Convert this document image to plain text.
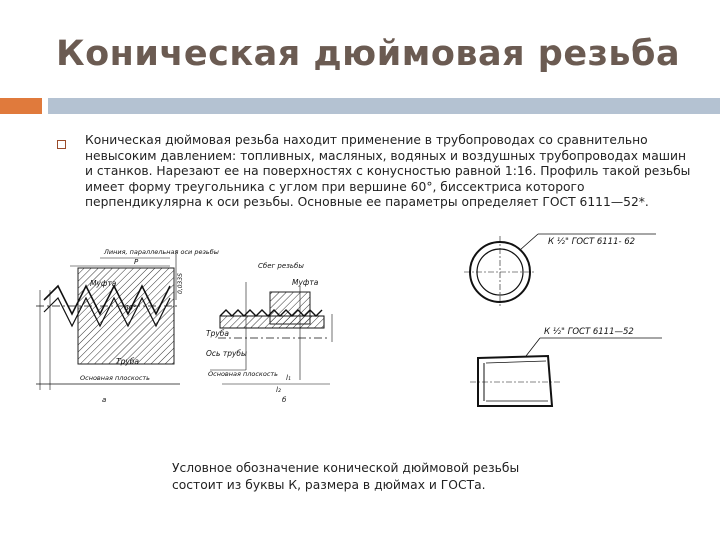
Коническая дюймовая резьба
Коническая дюймовая резьба находит применение в трубопроводах со сравнительно
невысоким давлением: топливных, масляных, водяных и воздушных трубопроводах машин
и станков. Нарезают ее на поверхностях с конусностью равной 1:16. Профиль такой резьбы
имеет форму треугольника с углом при вершине 60°, биссектриса которого
перпендикулярна к оси резьбы. Основные ее параметры определяет ГОСТ 6111—52*.
Линия, параллельная оси резьбы
Муфта
Труба
Основная плоскость
60°
P
0,033S
а
Сбег резьбы
Муфта
Труба
Ось трубы
Основная плоскость l₁
l₂
б
К ½" ГОСТ 6111- 62
К ½" ГОСТ 6111—52
Условное обозначение конической дюймовой резьбы
состоит из буквы К, размера в дюймах и ГОСТа.
